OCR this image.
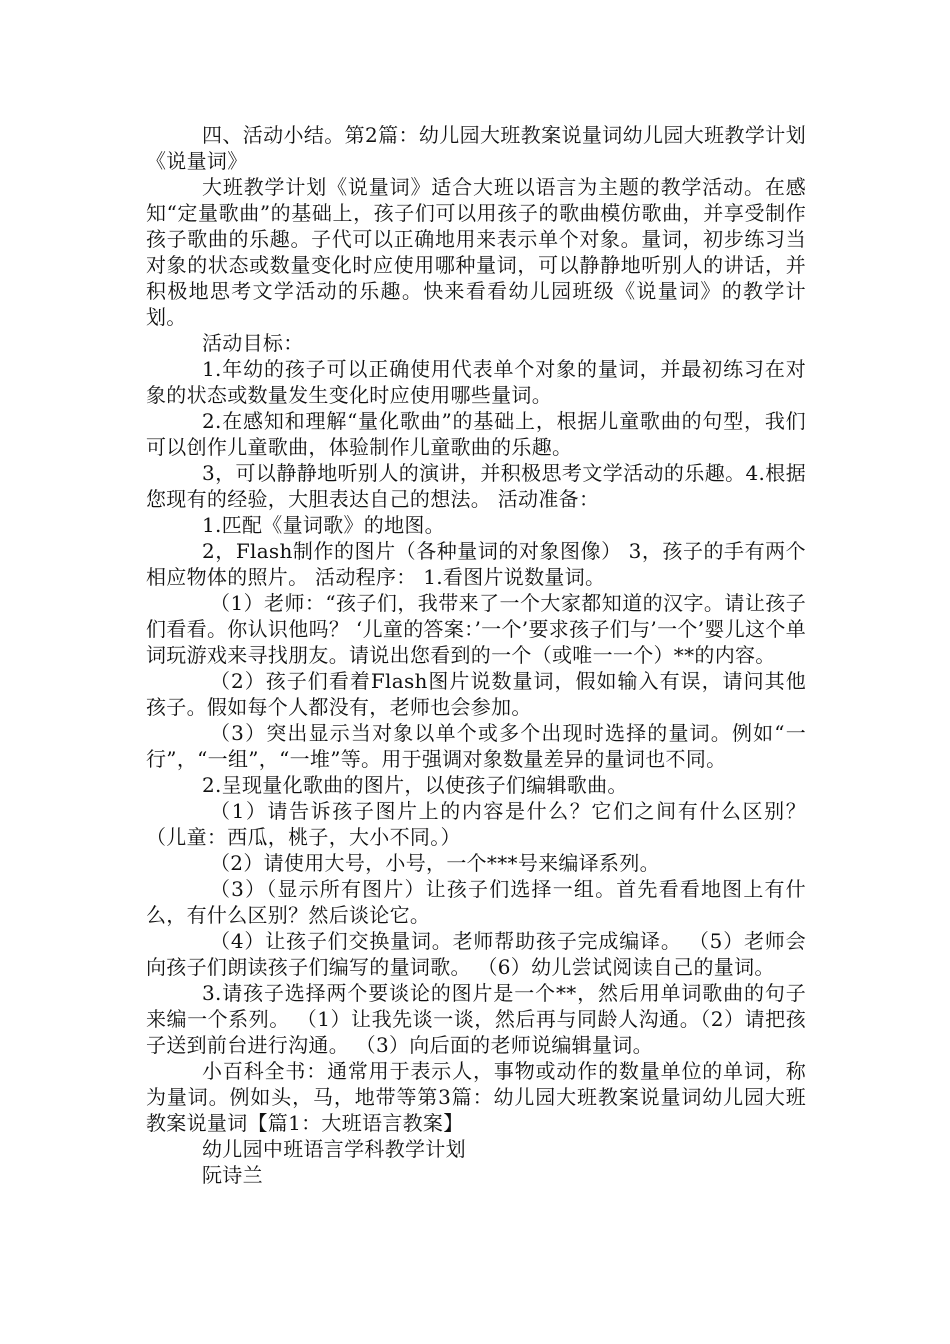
四、活动小结。第2篇：幼儿园大班教案说量词幼儿园大班教学计划《说量词》

大班教学计划《说量词》适合大班以语言为主题的教学活动。在感知“定量歌曲”的基础上，孩子们可以用孩子的歌曲模仿歌曲，并享受制作孩子歌曲的乐趣。子代可以正确地用来表示单个对象。量词，初步练习当对象的状态或数量变化时应使用哪种量词，可以静静地听别人的讲话，并积极地思考文学活动的乐趣。快来看看幼儿园班级《说量词》的教学计划。

活动目标：

1.年幼的孩子可以正确使用代表单个对象的量词，并最初练习在对象的状态或数量发生变化时应使用哪些量词。

2.在感知和理解“量化歌曲”的基础上，根据儿童歌曲的句型，我们可以创作儿童歌曲，体验制作儿童歌曲的乐趣。

3，可以静静地听别人的演讲，并积极思考文学活动的乐趣。4.根据您现有的经验，大胆表达自己的想法。 活动准备：

1.匹配《量词歌》的地图。

2，Flash制作的图片（各种量词的对象图像） 3，孩子的手有两个相应物体的照片。 活动程序： 1.看图片说数量词。

（1）老师：“孩子们，我带来了一个大家都知道的汉字。请让孩子们看看。你认识他吗？ ‘儿童的答案：’一个’要求孩子们与’一个’婴儿这个单词玩游戏来寻找朋友。请说出您看到的一个（或唯一一个）**的内容。

（2）孩子们看着Flash图片说数量词，假如输入有误，请问其他孩子。假如每个人都没有，老师也会参加。

（3）突出显示当对象以单个或多个出现时选择的量词。例如“一行”，“一组”，“一堆”等。用于强调对象数量差异的量词也不同。

2.呈现量化歌曲的图片，以使孩子们编辑歌曲。

（1）请告诉孩子图片上的内容是什么？它们之间有什么区别？（儿童：西瓜，桃子，大小不同。）

（2）请使用大号，小号，一个***号来编译系列。

（3）（显示所有图片）让孩子们选择一组。首先看看地图上有什么，有什么区别？然后谈论它。

（4）让孩子们交换量词。老师帮助孩子完成编译。 （5）老师会向孩子们朗读孩子们编写的量词歌。 （6）幼儿尝试阅读自己的量词。

3.请孩子选择两个要谈论的图片是一个**，然后用单词歌曲的句子来编一个系列。 （1）让我先谈一谈，然后再与同龄人沟通。（2）请把孩子送到前台进行沟通。 （3）向后面的老师说编辑量词。

小百科全书：通常用于表示人，事物或动作的数量单位的单词，称为量词。例如头，马，地带等第3篇：幼儿园大班教案说量词幼儿园大班教案说量词【篇1：大班语言教案】

幼儿园中班语言学科教学计划

阮诗兰
